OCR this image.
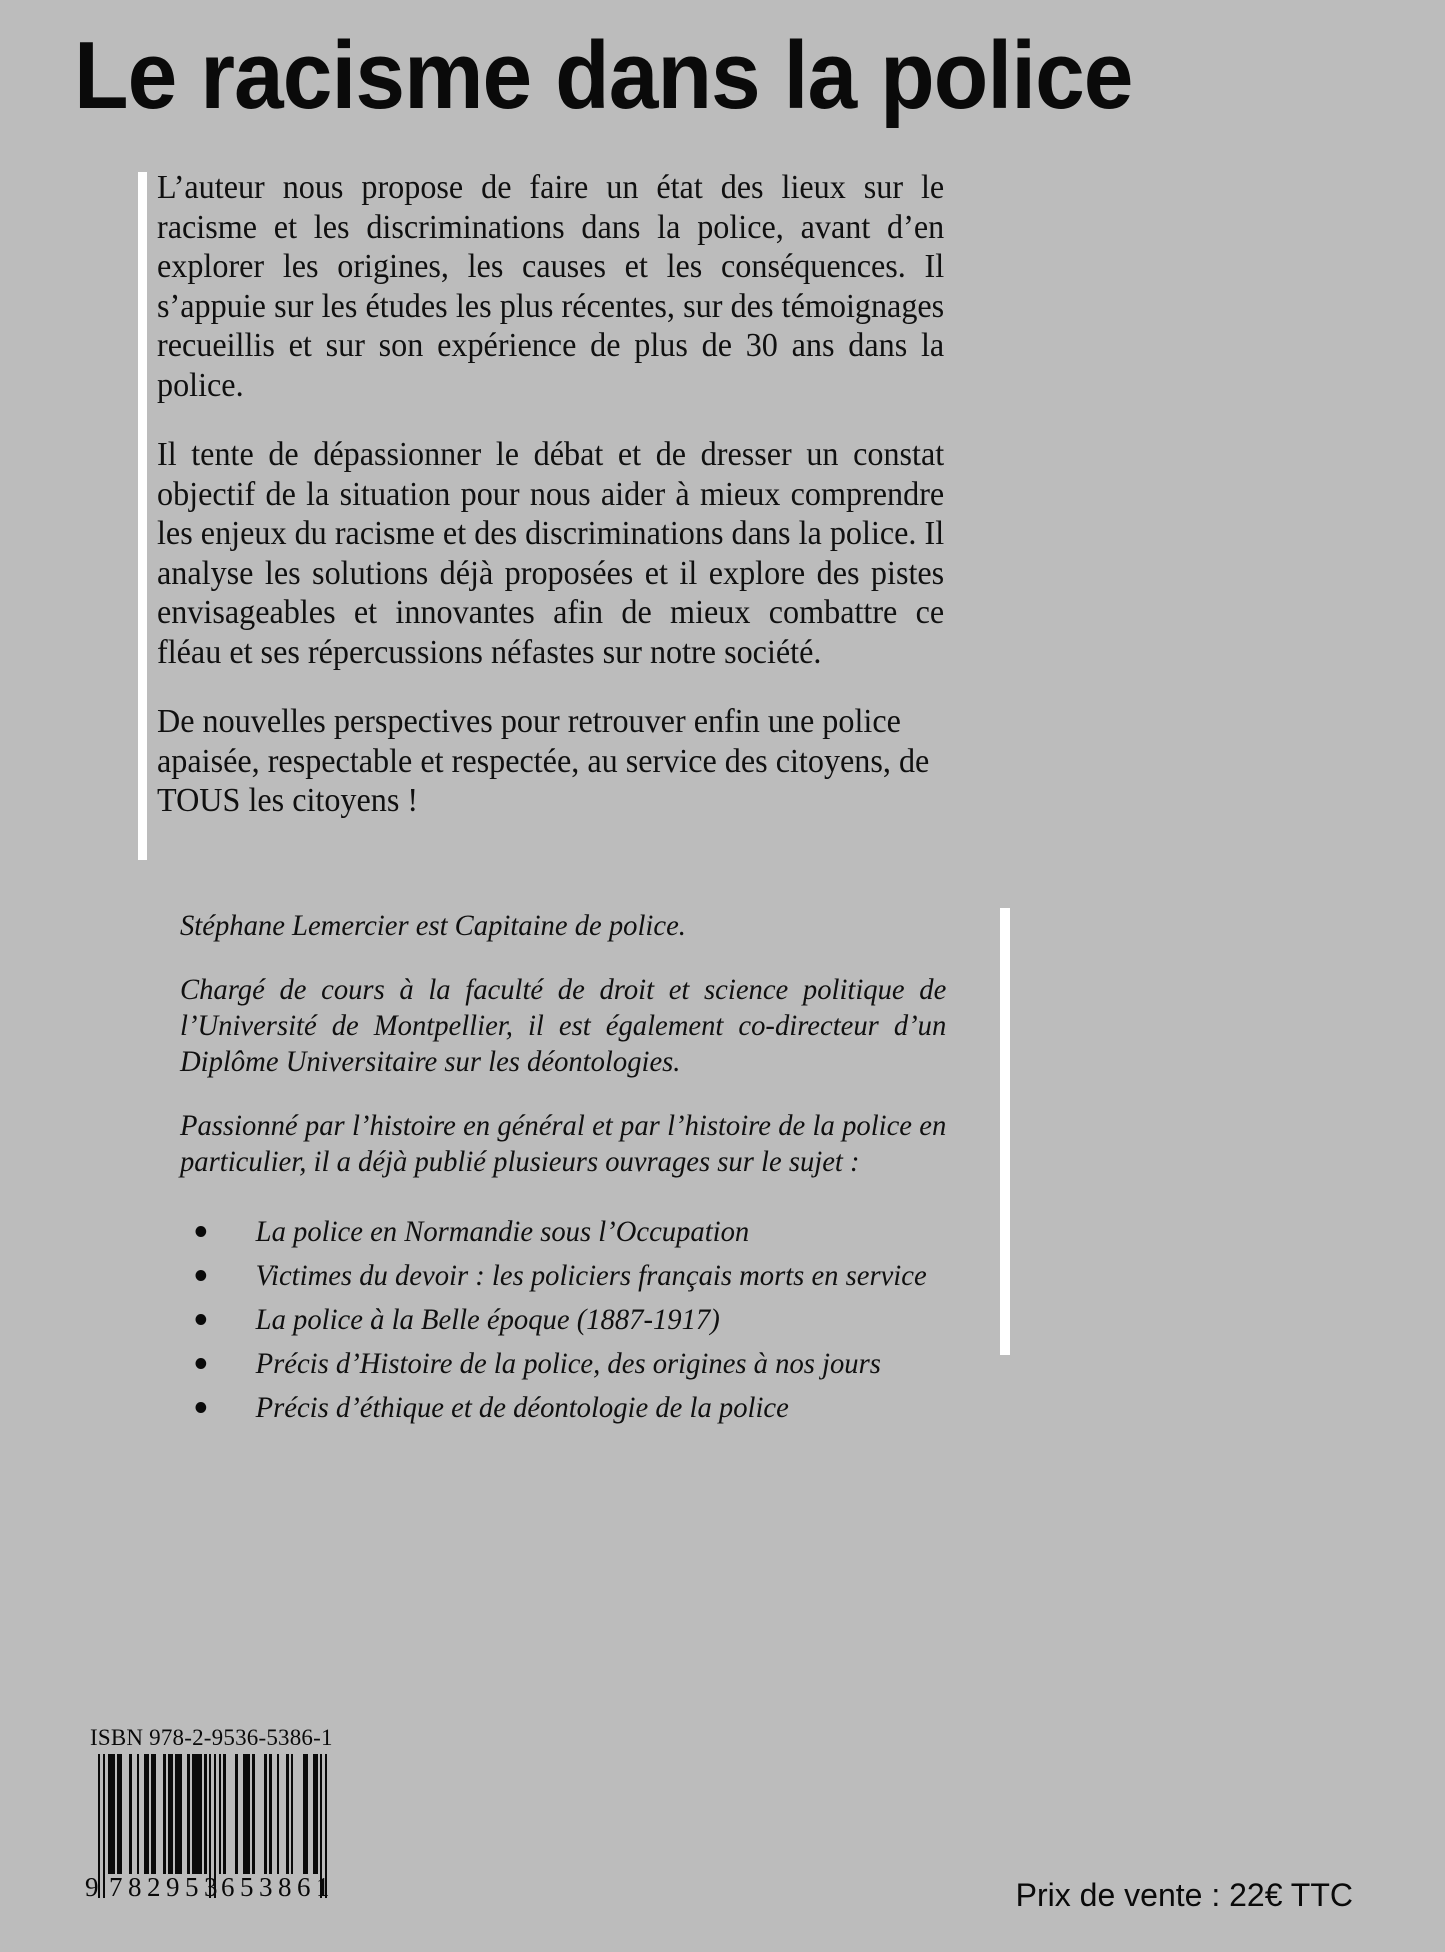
Le racisme dans la police

L’auteur nous propose de faire un état des lieux sur le racisme et les discriminations dans la police, avant d’en explorer les origines, les causes et les conséquences. Il s’appuie sur les études les plus récentes, sur des témoignages recueillis et sur son expérience de plus de 30 ans dans la police.

Il tente de dépassionner le débat et de dresser un constat objectif de la situation pour nous aider à mieux comprendre les enjeux du racisme et des discriminations dans la police. Il analyse les solutions déjà proposées et il explore des pistes envisageables et innovantes afin de mieux combattre ce fléau et ses répercussions néfastes sur notre société.

De nouvelles perspectives pour retrouver enfin une police apaisée, respectable et respectée, au service des citoyens, de TOUS les citoyens !

Stéphane Lemercier est Capitaine de police.

Chargé de cours à la faculté de droit et science politique de l’Université de Montpellier, il est également co-directeur d’un Diplôme Universitaire sur les déontologies.

Passionné par l’histoire en général et par l’histoire de la police en particulier, il a déjà publié plusieurs ouvrages sur le sujet :

La police en Normandie sous l’Occupation
Victimes du devoir : les policiers français morts en service
La police à la Belle époque (1887-1917)
Précis d’Histoire de la police, des origines à nos jours
Précis d’éthique et de déontologie de la police
ISBN 978-2-9536-5386-1
9 782953
653861	Prix de vente : 22€ TTC
